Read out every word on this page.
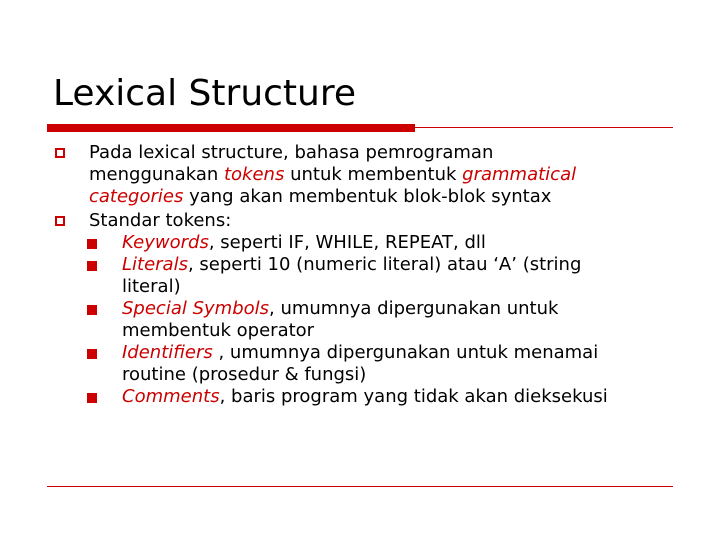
Lexical Structure
Pada lexical structure, bahasa pemrograman
menggunakan tokens untuk membentuk grammatical
categories yang akan membentuk blok-blok syntax
Standar tokens:
Keywords, seperti IF, WHILE, REPEAT, dll
Literals, seperti 10 (numeric literal) atau ‘A’ (string
literal)
Special Symbols, umumnya dipergunakan untuk
membentuk operator
Identifiers , umumnya dipergunakan untuk menamai
routine (prosedur & fungsi)
Comments, baris program yang tidak akan dieksekusi
